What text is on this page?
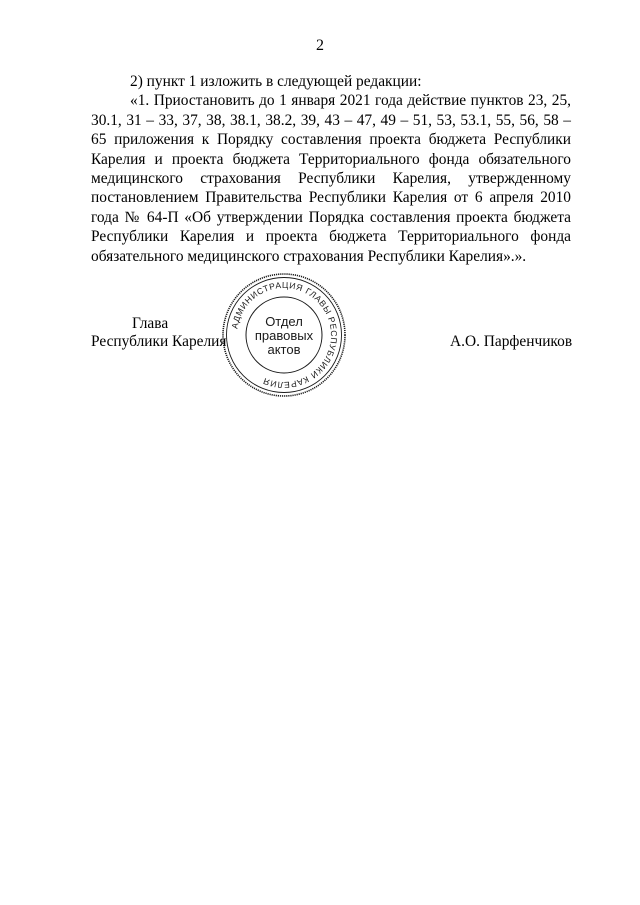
2

2) пункт 1 изложить в следующей редакции:

«1. Приостановить до 1 января 2021 года действие пунктов 23, 25, 30.1, 31 – 33, 37, 38, 38.1, 38.2, 39, 43 – 47, 49 – 51, 53, 53.1, 55, 56, 58 – 65 приложения к Порядку составления проекта бюджета Республики Карелия и проекта бюджета Территориального фонда обязательного медицинского страхования Республики Карелия, утвержденному постановлением Правительства Республики Карелия от 6 апреля 2010 года № 64-П «Об утверждении Порядка составления проекта бюджета Республики Карелия и проекта бюджета Территориального фонда обязательного медицинского страхования Республики Карелия».».

Глава
Республики Карелия	А.О. Парфенчиков
АДМИНИСТРАЦИЯ ГЛАВЫ РЕСПУБЛИКИ КАРЕЛИЯ
Отдел
правовых
актов
